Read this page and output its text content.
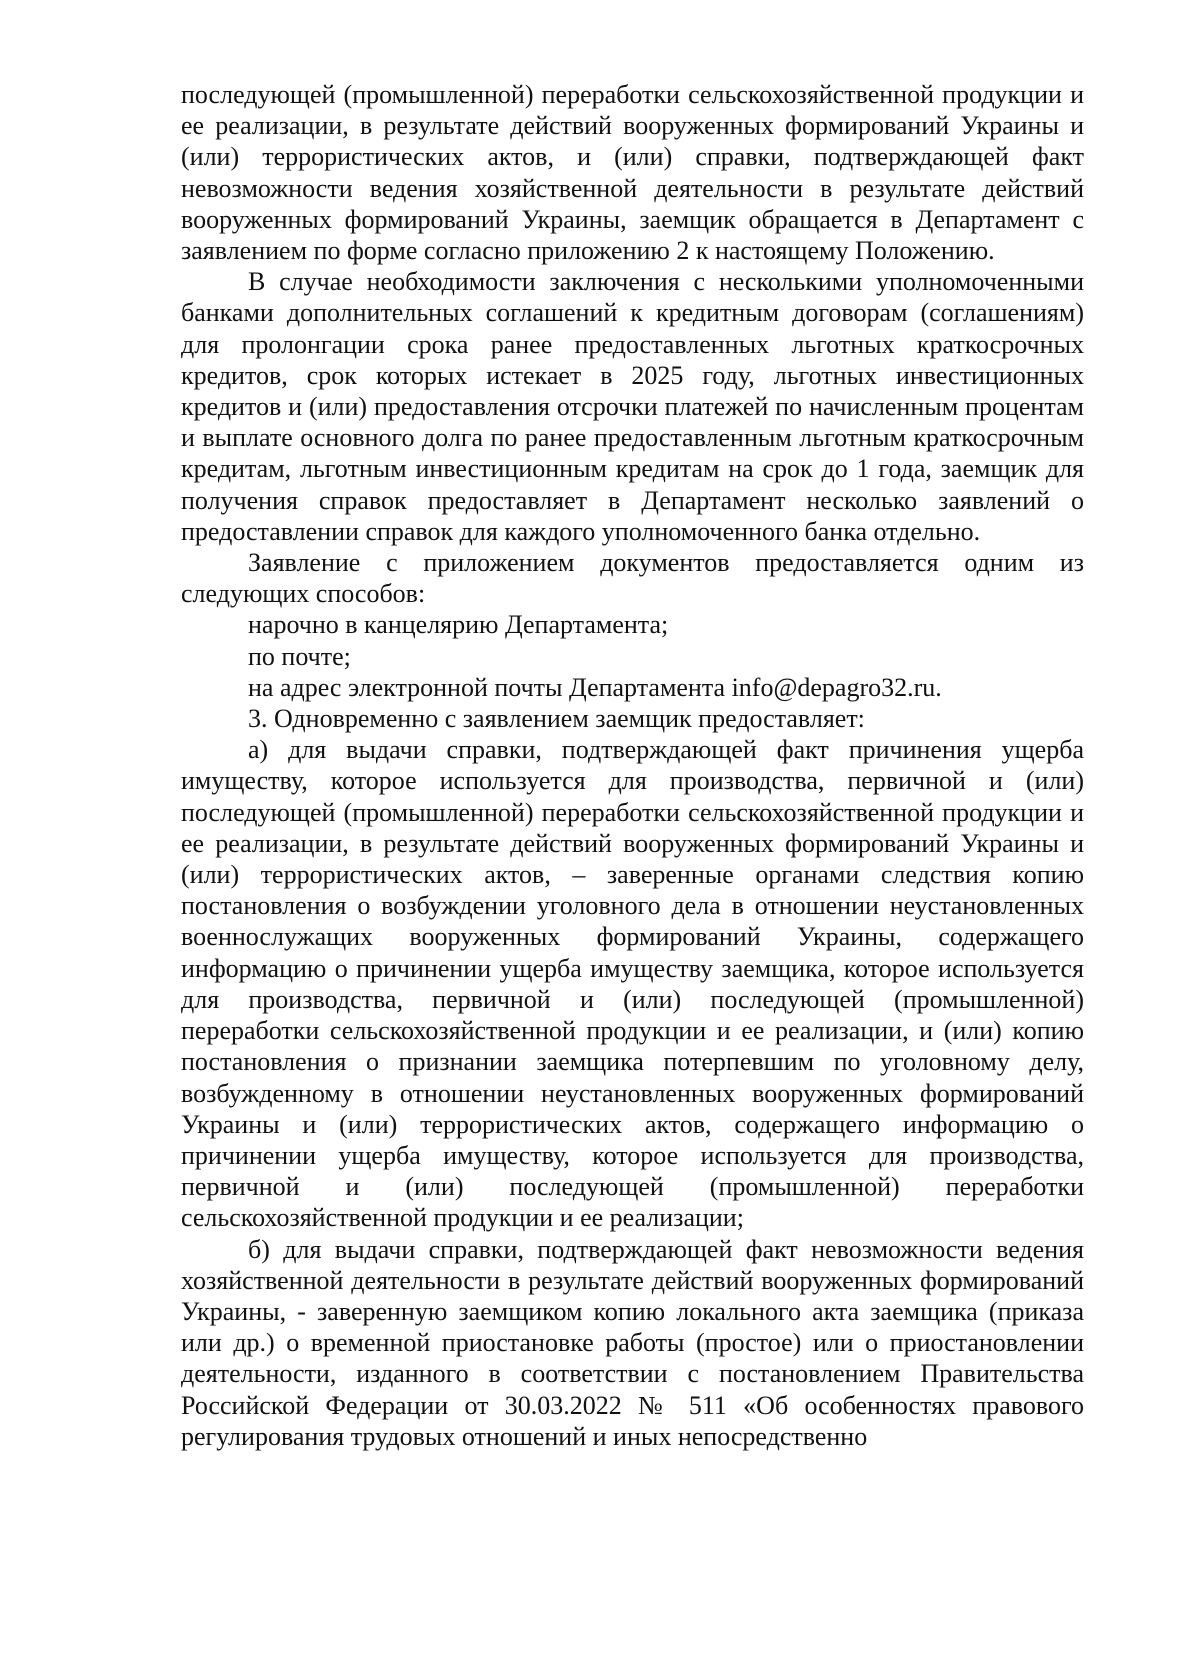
последующей (промышленной) переработки сельскохозяйственной продукции и ее реализации, в результате действий вооруженных формирований Украины и (или) террористических актов, и (или) справки, подтверждающей факт невозможности ведения хозяйственной деятельности в результате действий вооруженных формирований Украины, заемщик обращается в Департамент с заявлением по форме согласно приложению 2 к настоящему Положению.

В случае необходимости заключения с несколькими уполномоченными банками дополнительных соглашений к кредитным договорам (соглашениям) для пролонгации срока ранее предоставленных льготных краткосрочных кредитов, срок которых истекает в 2025 году, льготных инвестиционных кредитов и (или) предоставления отсрочки платежей по начисленным процентам и выплате основного долга по ранее предоставленным льготным краткосрочным кредитам, льготным инвестиционным кредитам на срок до 1 года, заемщик для получения справок предоставляет в Департамент несколько заявлений о предоставлении справок для каждого уполномоченного банка отдельно.

Заявление с приложением документов предоставляется одним из следующих способов:

нарочно в канцелярию Департамента;

по почте;

на адрес электронной почты Департамента info@depagro32.ru.

3. Одновременно с заявлением заемщик предоставляет:

а) для выдачи справки, подтверждающей факт причинения ущерба имуществу, которое используется для производства, первичной и (или) последующей (промышленной) переработки сельскохозяйственной продукции и ее реализации, в результате действий вооруженных формирований Украины и (или) террористических актов, – заверенные органами следствия копию постановления о возбуждении уголовного дела в отношении неустановленных военнослужащих вооруженных формирований Украины, содержащего информацию о причинении ущерба имуществу заемщика, которое используется для производства, первичной и (или) последующей (промышленной) переработки сельскохозяйственной продукции и ее реализации, и (или) копию постановления о признании заемщика потерпевшим по уголовному делу, возбужденному в отношении неустановленных вооруженных формирований Украины и (или) террористических актов, содержащего информацию о причинении ущерба имуществу, которое используется для производства, первичной и (или) последующей (промышленной) переработки сельскохозяйственной продукции и ее реализации;

б) для выдачи справки, подтверждающей факт невозможности ведения хозяйственной деятельности в результате действий вооруженных формирований Украины, - заверенную заемщиком копию локального акта заемщика (приказа или др.) о временной приостановке работы (простое) или о приостановлении деятельности, изданного в соответствии с постановлением Правительства Российской Федерации от 30.03.2022 № 511 «Об особенностях правового регулирования трудовых отношений и иных непосредственно
